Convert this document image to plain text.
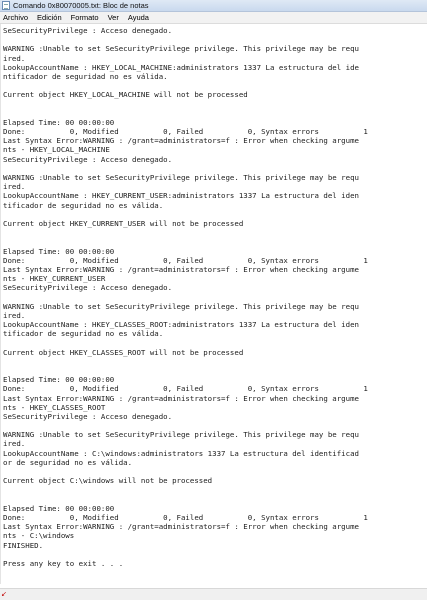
Comando 0x80070005.txt: Bloc de notas
Archivo Edición Formato Ver Ayuda
SeSecurityPrivilege : Acceso denegado.

WARNING :Unable to set SeSecurityPrivilege privilege. This privilege may be requ
ired.
LookupAccountName : HKEY_LOCAL_MACHINE:administrators 1337 La estructura del ide
ntificador de seguridad no es válida.

Current object HKEY_LOCAL_MACHINE will not be processed

Elapsed Time: 00 00:00:00
Done:          0, Modified          0, Failed          0, Syntax errors          1
Last Syntax Error:WARNING : /grant=administrators=f : Error when checking argume
nts - HKEY_LOCAL_MACHINE
SeSecurityPrivilege : Acceso denegado.

WARNING :Unable to set SeSecurityPrivilege privilege. This privilege may be requ
ired.
LookupAccountName : HKEY_CURRENT_USER:administrators 1337 La estructura del iden
tificador de seguridad no es válida.

Current object HKEY_CURRENT_USER will not be processed

Elapsed Time: 00 00:00:00
Done:          0, Modified          0, Failed          0, Syntax errors          1
Last Syntax Error:WARNING : /grant=administrators=f : Error when checking argume
nts - HKEY_CURRENT_USER
SeSecurityPrivilege : Acceso denegado.

WARNING :Unable to set SeSecurityPrivilege privilege. This privilege may be requ
ired.
LookupAccountName : HKEY_CLASSES_ROOT:administrators 1337 La estructura del iden
tificador de seguridad no es válida.

Current object HKEY_CLASSES_ROOT will not be processed

Elapsed Time: 00 00:00:00
Done:          0, Modified          0, Failed          0, Syntax errors          1
Last Syntax Error:WARNING : /grant=administrators=f : Error when checking argume
nts - HKEY_CLASSES_ROOT
SeSecurityPrivilege : Acceso denegado.

WARNING :Unable to set SeSecurityPrivilege privilege. This privilege may be requ
ired.
LookupAccountName : C:\windows:administrators 1337 La estructura del identificad
or de seguridad no es válida.

Current object C:\windows will not be processed

Elapsed Time: 00 00:00:00
Done:          0, Modified          0, Failed          0, Syntax errors          1
Last Syntax Error:WARNING : /grant=administrators=f : Error when checking argume
nts - C:\windows
FINISHED.

Press any key to exit . . .
↙
